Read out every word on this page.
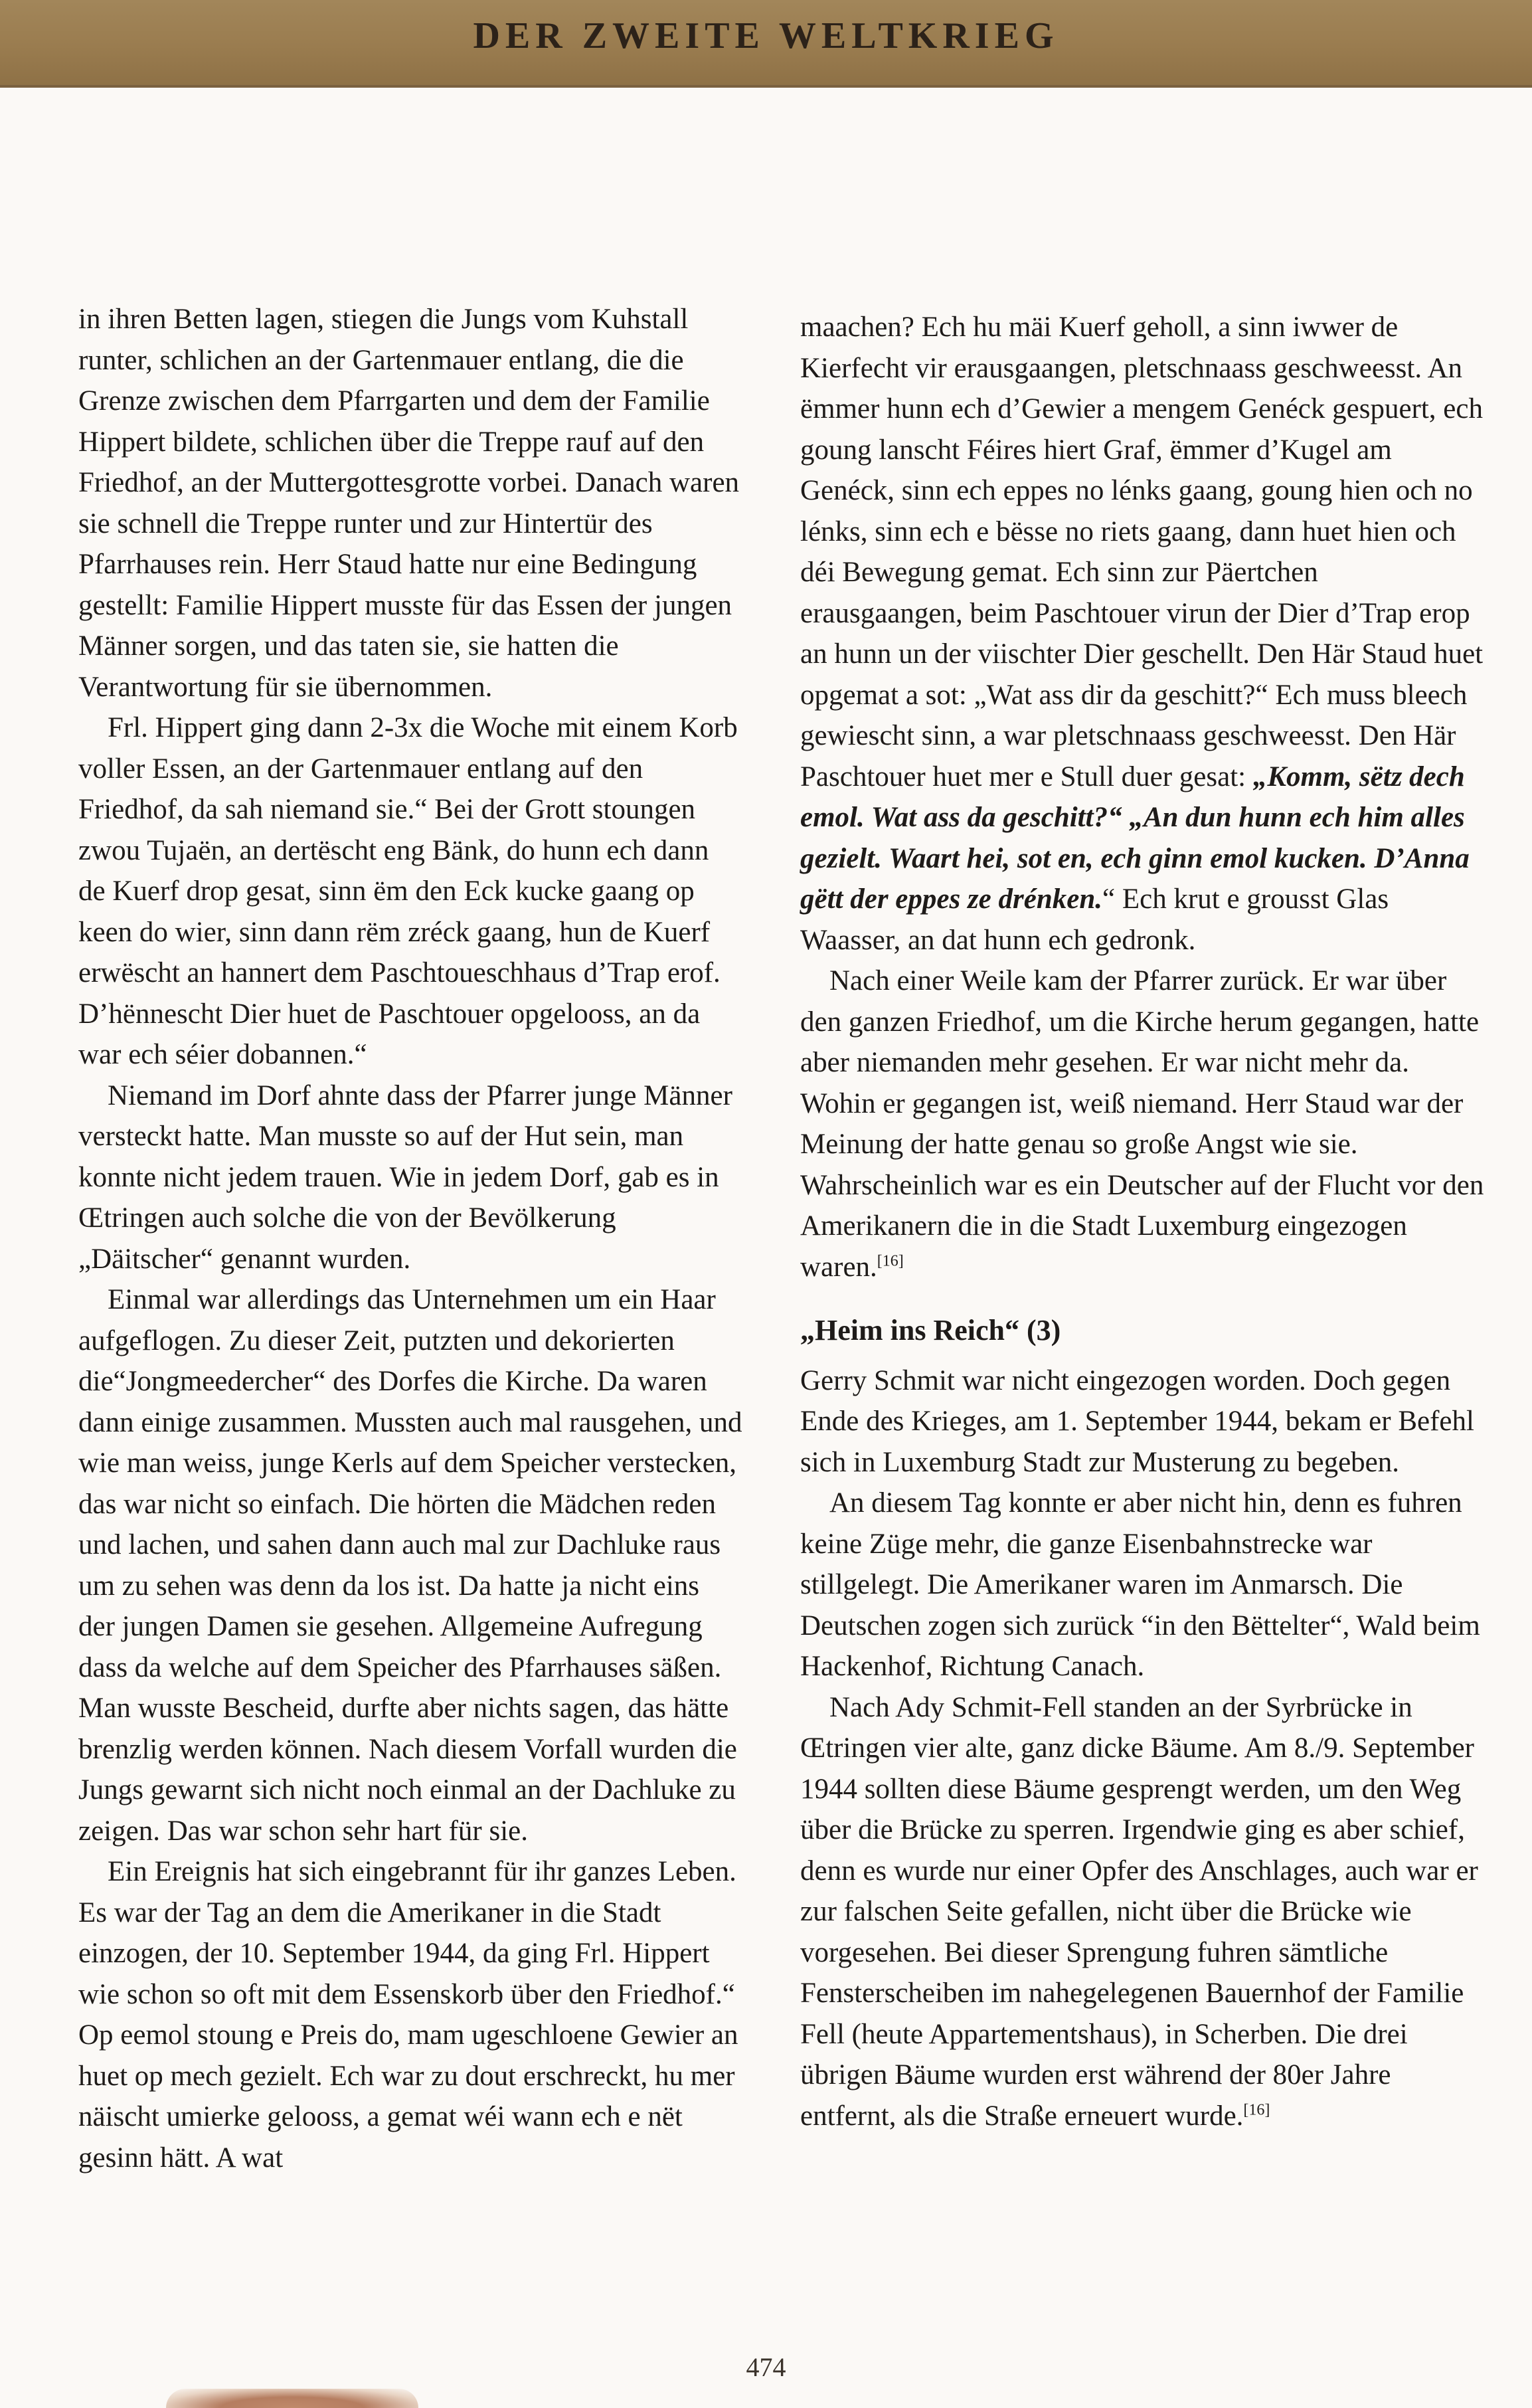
DER ZWEITE WELTKRIEG

in ihren Betten lagen, stiegen die Jungs vom Kuhstall runter, schlichen an der Gartenmauer entlang, die die Grenze zwischen dem Pfarrgarten und dem der Familie Hippert bildete, schlichen über die Treppe rauf auf den Friedhof, an der Muttergottesgrotte vorbei. Danach waren sie schnell die Treppe runter und zur Hintertür des Pfarrhauses rein. Herr Staud hatte nur eine Bedingung gestellt: Familie Hippert musste für das Essen der jungen Männer sorgen, und das taten sie, sie hatten die Verantwortung für sie übernommen.

Frl. Hippert ging dann 2-3x die Woche mit einem Korb voller Essen, an der Gartenmauer entlang auf den Friedhof, da sah niemand sie.“ Bei der Grott stoungen zwou Tujaën, an dertëscht eng Bänk, do hunn ech dann de Kuerf drop gesat, sinn ëm den Eck kucke gaang op keen do wier, sinn dann rëm zréck gaang, hun de Kuerf erwëscht an hannert dem Paschtoueschhaus d’Trap erof. D’hënnescht Dier huet de Paschtouer opgelooss, an da war ech séier dobannen.“

Niemand im Dorf ahnte dass der Pfarrer junge Männer versteckt hatte. Man musste so auf der Hut sein, man konnte nicht jedem trauen. Wie in jedem Dorf, gab es in Œtringen auch solche die von der Bevölkerung „Däitscher“ genannt wurden.

Einmal war allerdings das Unternehmen um ein Haar aufgeflogen. Zu dieser Zeit, putzten und dekorierten die“Jongmeedercher“ des Dorfes die Kirche. Da waren dann einige zusammen. Mussten auch mal rausgehen, und wie man weiss, junge Kerls auf dem Speicher verstecken, das war nicht so einfach. Die hörten die Mädchen reden und lachen, und sahen dann auch mal zur Dachluke raus um zu sehen was denn da los ist. Da hatte ja nicht eins der jungen Damen sie gesehen. Allgemeine Aufregung dass da welche auf dem Speicher des Pfarrhauses säßen. Man wusste Bescheid, durfte aber nichts sagen, das hätte brenzlig werden können. Nach diesem Vorfall wurden die Jungs gewarnt sich nicht noch einmal an der Dachluke zu zeigen. Das war schon sehr hart für sie.

Ein Ereignis hat sich eingebrannt für ihr ganzes Leben. Es war der Tag an dem die Amerikaner in die Stadt einzogen, der 10. September 1944, da ging Frl. Hippert wie schon so oft mit dem Essenskorb über den Friedhof.“ Op eemol stoung e Preis do, mam ugeschloene Gewier an huet op mech gezielt. Ech war zu dout erschreckt, hu mer näischt umierke gelooss, a gemat wéi wann ech e nët gesinn hätt. A wat

maachen? Ech hu mäi Kuerf geholl, a sinn iwwer de Kierfecht vir erausgaangen, pletschnaass geschweesst. An ëmmer hunn ech d’Gewier a mengem Genéck gespuert, ech goung lanscht Féires hiert Graf, ëmmer d’Kugel am Genéck, sinn ech eppes no lénks gaang, goung hien och no lénks, sinn ech e bësse no riets gaang, dann huet hien och déi Bewegung gemat. Ech sinn zur Päertchen erausgaangen, beim Paschtouer virun der Dier d’Trap erop an hunn un der viischter Dier geschellt. Den Här Staud huet opgemat a sot: „Wat ass dir da geschitt?“ Ech muss bleech gewiescht sinn, a war pletschnaass geschweesst. Den Här Paschtouer huet mer e Stull duer gesat: „Komm, sëtz dech emol. Wat ass da geschitt?“ „An dun hunn ech him alles gezielt. Waart hei, sot en, ech ginn emol kucken. D’Anna gëtt der eppes ze drénken.“ Ech krut e grousst Glas Waasser, an dat hunn ech gedronk.

Nach einer Weile kam der Pfarrer zurück. Er war über den ganzen Friedhof, um die Kirche herum gegangen, hatte aber niemanden mehr gesehen. Er war nicht mehr da. Wohin er gegangen ist, weiß niemand. Herr Staud war der Meinung der hatte genau so große Angst wie sie. Wahrscheinlich war es ein Deutscher auf der Flucht vor den Amerikanern die in die Stadt Luxemburg eingezogen waren.[16]

„Heim ins Reich“ (3)

Gerry Schmit war nicht eingezogen worden. Doch gegen Ende des Krieges, am 1. September 1944, bekam er Befehl sich in Luxemburg Stadt zur Musterung zu begeben.

An diesem Tag konnte er aber nicht hin, denn es fuhren keine Züge mehr, die ganze Eisenbahnstrecke war stillgelegt. Die Amerikaner waren im Anmarsch. Die Deutschen zogen sich zurück “in den Bëttelter“, Wald beim Hackenhof, Richtung Canach.

Nach Ady Schmit-Fell standen an der Syrbrücke in Œtringen vier alte, ganz dicke Bäume. Am 8./9. September 1944 sollten diese Bäume gesprengt werden, um den Weg über die Brücke zu sperren. Irgendwie ging es aber schief, denn es wurde nur einer Opfer des Anschlages, auch war er zur falschen Seite gefallen, nicht über die Brücke wie vorgesehen. Bei dieser Sprengung fuhren sämtliche Fensterscheiben im nahegelegenen Bauernhof der Familie Fell (heute Appartementshaus), in Scherben. Die drei übrigen Bäume wurden erst während der 80er Jahre entfernt, als die Straße erneuert wurde.[16]

474
